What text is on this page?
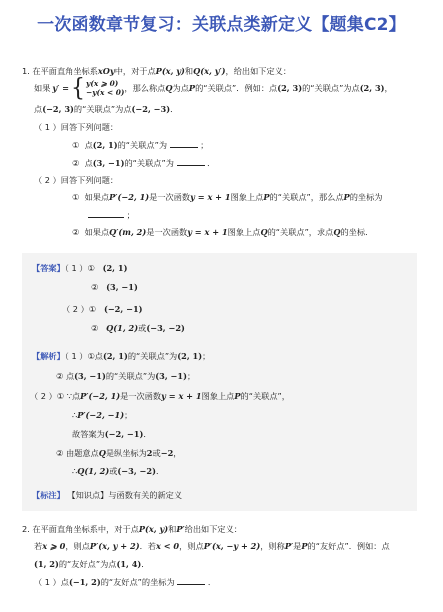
一次函数章节复习：关联点类新定义【题集C2】
1. 在平面直角坐标系xOy中，对于点P(x, y)和Q(x, y′)，给出如下定义：
如果 y′ = { y(x ⩾ 0)
−y(x < 0) ，那么称点 Q 为点 P 的“关联点”．例如：点 (2, 3) 的“关联点”为点 (2, 3) ，
点(−2, 3)的“关联点”为点(−2, −3)．
（ 1 ）回答下列问题：
① 点(2, 1)的“关联点”为	；
② 点(3, −1)的“关联点”为	．
（ 2 ）回答下列问题：
① 如果点P′(−2, 1)是一次函数y = x + 1图象上点P的“关联点”，那么点P的坐标为
；
② 如果点Q′(m, 2)是一次函数y = x + 1图象上点Q的“关联点”，求点Q的坐标．
【答案】（ 1 ）① (2, 1)
② (3, −1)
（ 2 ）① (−2, −1)
② Q(1, 2)或(−3, −2)
【解析】（ 1 ）①点(2, 1)的“关联点”为(2, 1)；
② 点(3, −1)的“关联点”为(3, −1)；
（ 2 ）① ∵点P′(−2, 1)是一次函数y = x + 1图象上点P的“关联点”，
∴P′(−2, −1)；
故答案为(−2, −1)．
② 由题意点Q是纵坐标为2或−2，
∴Q(1, 2)或(−3, −2)．
【标注】 【知识点】与函数有关的新定义
2. 在平面直角坐标系中，对于点P(x, y)和P′给出如下定义：
若x ⩾ 0，则点P′(x, y + 2)．若x < 0，则点P′(x, −y + 2)，则称P′是P的“友好点”．例如：点
(1, 2)的“友好点”为点(1, 4)．
（ 1 ）点(−1, 2)的“友好点”的坐标为	．
